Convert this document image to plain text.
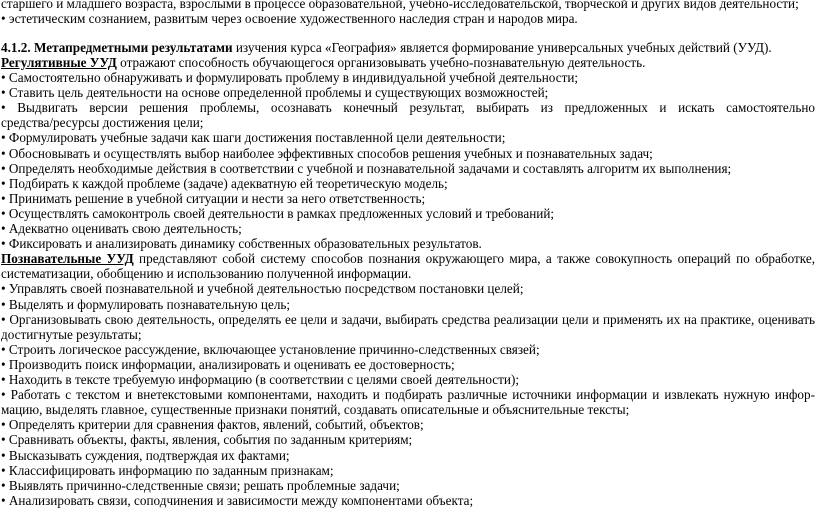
старшего и младшего возраста, взрослыми в процессе образовательной, учебно-исследовательской, творческой и других видов деятельности;
• эстетическим сознанием, развитым через освоение художественного наследия стран и народов мира.
4.1.2. Метапредметными результатами изучения курса «География» является формирование универсальных учебных действий (УУД).
Регулятивные УУД отражают способность обучающегося организовывать учебно-познавательную деятельность.
• Самостоятельно обнаруживать и формулировать проблему в индивидуальной учебной деятельности;
• Ставить цель деятельности на основе определенной проблемы и существующих возможностей;
• Выдвигать версии решения проблемы, осознавать конечный результат, выбирать из предложенных и искать самостоятельно
средства/ресурсы достижения цели;
• Формулировать учебные задачи как шаги достижения поставленной цели деятельности;
• Обосновывать и осуществлять выбор наиболее эффективных способов решения учебных и познавательных задач;
• Определять необходимые действия в соответствии с учебной и познавательной задачами и составлять алгоритм их выполнения;
• Подбирать к каждой проблеме (задаче) адекватную ей теоретическую модель;
• Принимать решение в учебной ситуации и нести за него ответственность;
• Осуществлять самоконтроль своей деятельности в рамках предложенных условий и требований;
• Адекватно оценивать свою деятельность;
• Фиксировать и анализировать динамику собственных образовательных результатов.
Познавательные УУД представляют собой систему способов познания окружающего мира, а также совокупность операций по обработке,
систематизации, обобщению и использованию полученной информации.
• Управлять своей познавательной и учебной деятельностью посредством постановки целей;
• Выделять и формулировать познавательную цель;
• Организовывать свою деятельность, определять ее цели и задачи, выбирать средства реализации цели и применять их на практике, оценивать
достигнутые результаты;
• Строить логическое рассуждение, включающее установление причинно-следственных связей;
• Производить поиск информации, анализировать и оценивать ее достоверность;
• Находить в тексте требуемую информацию (в соответствии с целями своей деятельности);
• Работать с текстом и внетекстовыми компонентами, находить и подбирать различные источники информации и извлекать нужную инфор-
мацию, выделять главное, существенные признаки понятий, создавать описательные и объяснительные тексты;
• Определять критерии для сравнения фактов, явлений, событий, объектов;
• Сравнивать объекты, факты, явления, события по заданным критериям;
• Высказывать суждения, подтверждая их фактами;
• Классифицировать информацию по заданным признакам;
• Выявлять причинно-следственные связи; решать проблемные задачи;
• Анализировать связи, соподчинения и зависимости между компонентами объекта;
